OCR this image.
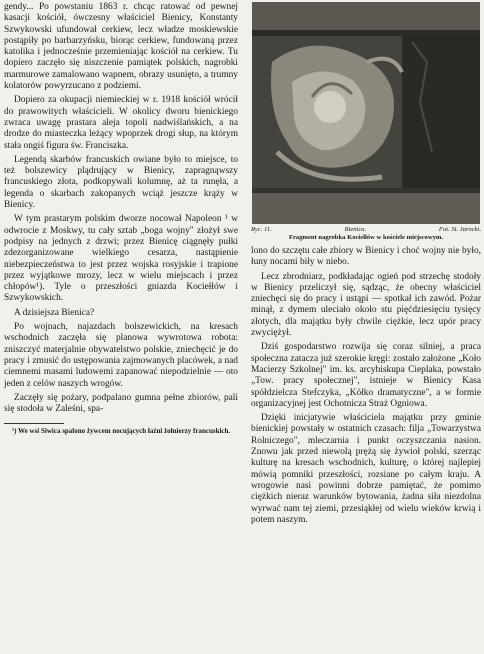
gendy... Po powstaniu 1863 r. chcąc ratować od pewnej kasacji kościół, ówczesny właściciel Bienicy, Konstanty Szwykowski ufundował cerkiew, lecz władze moskiewskie postąpiły po barbarzyńsku, biorąc cerkiew, fundowaną przez katolika i jednocześnie przemieniając kościół na cerkiew. Tu dopiero zaczęło się niszczenie pamiątek polskich, nagrobki marmurowe zamalowano wapnem, obrazy usunięto, a trumny kolatorów powyrzucano z podziemi.

Dopiero za okupacji niemieckiej w r. 1918 kościół wrócił do prawowitych właścicieli. W okolicy dworu bienickiego zwraca uwagę prastara aleja topoli nadwiślańskich, a na drodze do miasteczka leżący wpoprzek drogi słup, na którym stała ongiś figura św. Franciszka.

Legendą skarbów francuskich owiane było to miejsce, to też bolszewicy plądrujący w Bienicy, zapragnąwszy francuskiego złota, podkopywali kolumnę, aż ta runęła, a legenda o skarbach zakopanych wciąż jeszcze krąży w Bienicy.

W tym prastarym polskim dworze nocował Napoleon ¹ w odwrocie z Moskwy, tu cały sztab „boga wojny" złożył swe podpisy na jednych z drzwi; przez Bienicę ciągnęły pułki zdezorganizowane wielkiego cesarza, nastąpienie niebezpieczeństwa to jest przez wojska rosyjskie i trapione przez wyjątkowe mrozy, lecz w wielu miejscach i przez chłopów¹). Tyle o przeszłości gniazda Kociełłów i Szwykowskich.

A dzisiejsza Bienica?

Po wojnach, najazdach bolszewickich, na kresach wschodnich zaczęła się planowa wywrotowa robota: zniszczyć materjalnie obywatelstwo polskie, zniechęcić je do pracy i zmusić do ustępowania zajmowanych placówek, a nad ciemnemi masami ludowemi zapanować niepodzielnie — oto jeden z celów naszych wrogów.

Zaczęły się pożary, podpalano gumna pełne zbiorów, pali się stodoła w Zaleśni, spa-

¹) We wsi Siwica spalono żywcem nocujących łaźni żołnierzy francuskich.

Ryc. 11.	Bienica.	Fot. St. Jarocki.
Fragment nagrobka Kociełłów w kościele miejscowym.

lono do szczętu całe zbiory w Bienicy i choć wojny nie było, łuny nocami biły w niebo.

Lecz zbrodniarz, podkładając ogień pod strzechę stodoły w Bienicy przeliczył się, sądząc, że obecny właściciel zniechęci się do pracy i ustąpi — spotkał ich zawód. Pożar minął, z dymem uleciało około stu pięćdziesięciu tysięcy złotych, dla majątku były chwile ciężkie, lecz upór pracy zwyciężył.

Dziś gospodarstwo rozwija się coraz silniej, a praca społeczna zatacza już szerokie kręgi: zostało założone „Koło Macierzy Szkolnej" im. ks. arcybiskupa Cieplaka, powstało „Tow. pracy społecznej", istnieje w Bienicy Kasa spółdzielcza Stefczyka, „Kółko dramatyczne", a w formie organizacyjnej jest Ochotnicza Straż Ogniowa.

Dzięki inicjatywie właściciela majątku przy gminie bienickiej powstały w ostatnich czasach: filja „Towarzystwa Rolniczego", mleczarnia i punkt oczyszczania nasion. Znowu jak przed niewolą prężą się żywioł polski, szerząc kulturę na kresach wschodnich, kulturę, o której najlepiej mówią pomniki przeszłości, rozsiane po całym kraju. A wrogowie nasi powinni dobrze pamiętać, że pomimo ciężkich nieraz warunków bytowania, żadna siła niezdolna wyrwać nam tej ziemi, przesiąkłej od wielu wieków krwią i potem naszym.
